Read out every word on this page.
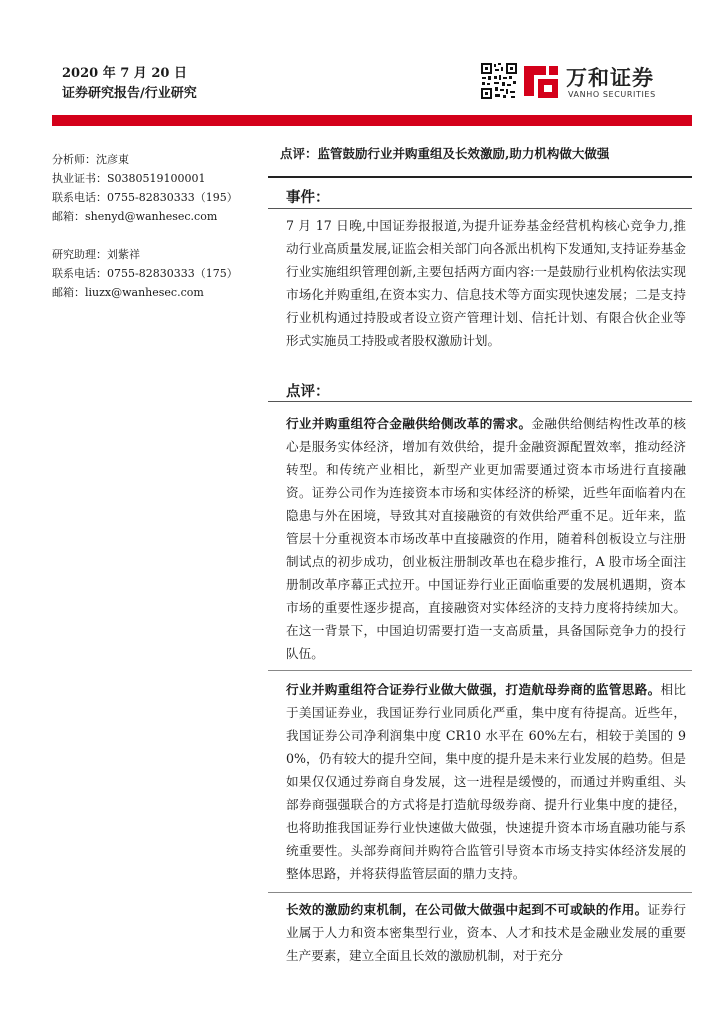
2020 年 7 月 20 日
证券研究报告/行业研究
万和证券
VANHO SECURITIES
点评：监管鼓励行业并购重组及长效激励,助力机构做大做强
分析师：沈彦東
执业证书：S0380519100001
联系电话：0755-82830333（195）
邮箱：shenyd@wanhesec.com
研究助理：刘紫祥
联系电话：0755-82830333（175）
邮箱：liuzx@wanhesec.com
事件：
7 月 17 日晚,中国证券报报道,为提升证券基金经营机构核心竞争力,推动行业高质量发展,证监会相关部门向各派出机构下发通知,支持证券基金行业实施组织管理创新,主要包括两方面内容:一是鼓励行业机构依法实现市场化并购重组,在资本实力、信息技术等方面实现快速发展；二是支持行业机构通过持股或者设立资产管理计划、信托计划、有限合伙企业等形式实施员工持股或者股权激励计划。
点评：
行业并购重组符合金融供给侧改革的需求。金融供给侧结构性改革的核心是服务实体经济，增加有效供给，提升金融资源配置效率，推动经济转型。和传统产业相比，新型产业更加需要通过资本市场进行直接融资。证券公司作为连接资本市场和实体经济的桥梁，近些年面临着内在隐患与外在困境，导致其对直接融资的有效供给严重不足。近年来，监管层十分重视资本市场改革中直接融资的作用，随着科创板设立与注册制试点的初步成功，创业板注册制改革也在稳步推行，A 股市场全面注册制改革序幕正式拉开。中国证券行业正面临重要的发展机遇期，资本市场的重要性逐步提高，直接融资对实体经济的支持力度将持续加大。在这一背景下，中国迫切需要打造一支高质量，具备国际竞争力的投行队伍。
行业并购重组符合证券行业做大做强，打造航母券商的监管思路。相比于美国证券业，我国证券行业同质化严重，集中度有待提高。近些年，我国证券公司净利润集中度 CR10 水平在 60%左右，相较于美国的 90%，仍有较大的提升空间，集中度的提升是未来行业发展的趋势。但是如果仅仅通过券商自身发展，这一进程是缓慢的，而通过并购重组、头部券商强强联合的方式将是打造航母级券商、提升行业集中度的捷径，也将助推我国证券行业快速做大做强，快速提升资本市场直融功能与系统重要性。头部券商间并购符合监管引导资本市场支持实体经济发展的整体思路，并将获得监管层面的鼎力支持。
长效的激励约束机制，在公司做大做强中起到不可或缺的作用。证券行业属于人力和资本密集型行业，资本、人才和技术是金融业发展的重要生产要素，建立全面且长效的激励机制，对于充分
